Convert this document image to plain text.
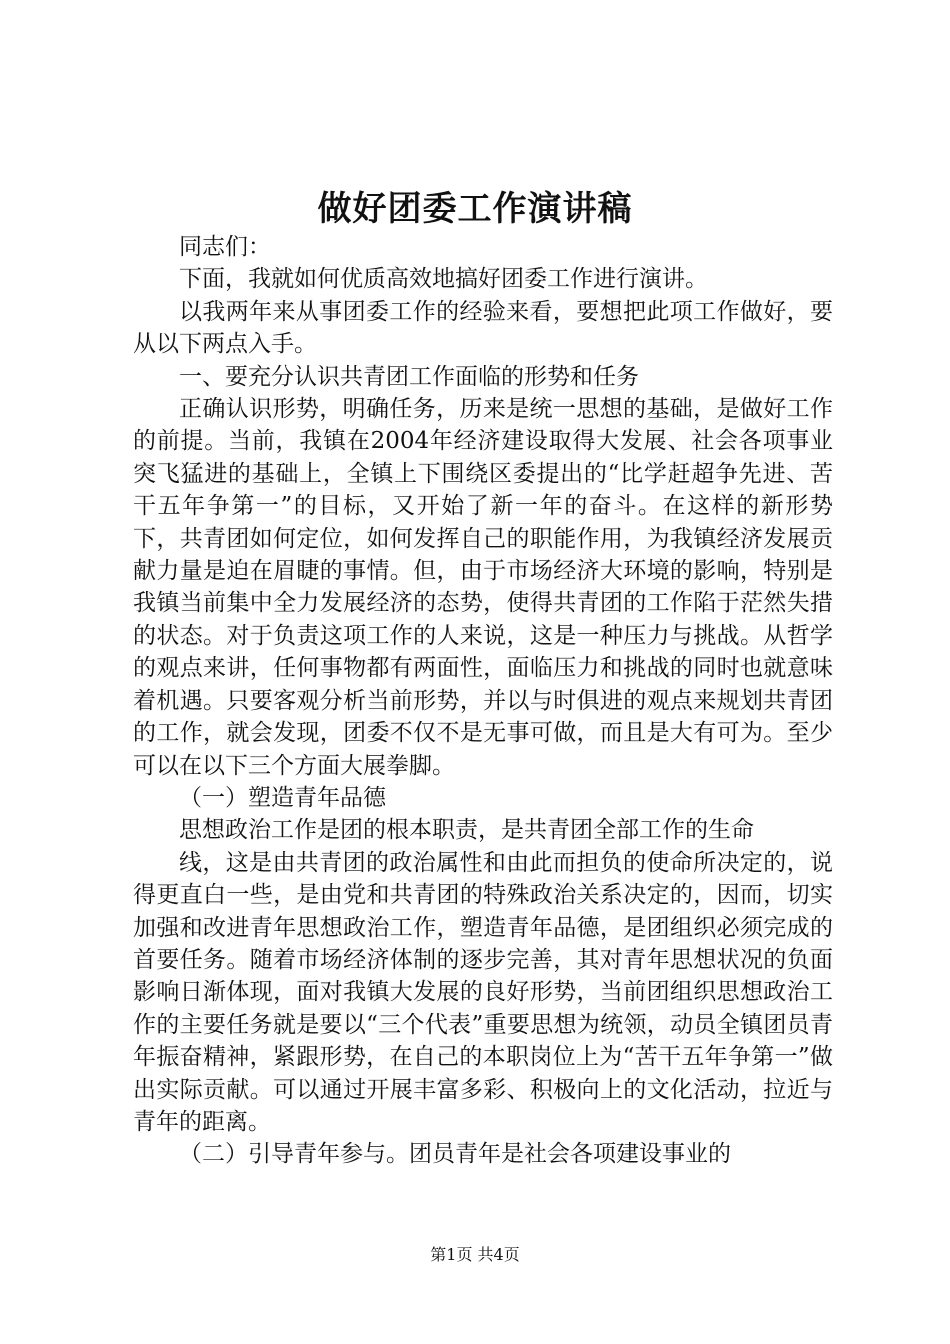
做好团委工作演讲稿

同志们：

下面，我就如何优质高效地搞好团委工作进行演讲。

以我两年来从事团委工作的经验来看，要想把此项工作做好，要从以下两点入手。

一、要充分认识共青团工作面临的形势和任务

正确认识形势，明确任务，历来是统一思想的基础，是做好工作的前提。当前，我镇在2004年经济建设取得大发展、社会各项事业突飞猛进的基础上，全镇上下围绕区委提出的“比学赶超争先进、苦干五年争第一”的目标，又开始了新一年的奋斗。在这样的新形势下，共青团如何定位，如何发挥自己的职能作用，为我镇经济发展贡献力量是迫在眉睫的事情。但，由于市场经济大环境的影响，特别是我镇当前集中全力发展经济的态势，使得共青团的工作陷于茫然失措的状态。对于负责这项工作的人来说，这是一种压力与挑战。从哲学的观点来讲，任何事物都有两面性，面临压力和挑战的同时也就意味着机遇。只要客观分析当前形势，并以与时俱进的观点来规划共青团的工作，就会发现，团委不仅不是无事可做，而且是大有可为。至少可以在以下三个方面大展拳脚。

（一）塑造青年品德

思想政治工作是团的根本职责，是共青团全部工作的生命

线，这是由共青团的政治属性和由此而担负的使命所决定的，说得更直白一些，是由党和共青团的特殊政治关系决定的，因而，切实加强和改进青年思想政治工作，塑造青年品德，是团组织必须完成的首要任务。随着市场经济体制的逐步完善，其对青年思想状况的负面影响日渐体现，面对我镇大发展的良好形势，当前团组织思想政治工作的主要任务就是要以“三个代表”重要思想为统领，动员全镇团员青年振奋精神，紧跟形势，在自己的本职岗位上为“苦干五年争第一”做出实际贡献。可以通过开展丰富多彩、积极向上的文化活动，拉近与青年的距离。

（二）引导青年参与。团员青年是社会各项建设事业的

第1页 共4页
